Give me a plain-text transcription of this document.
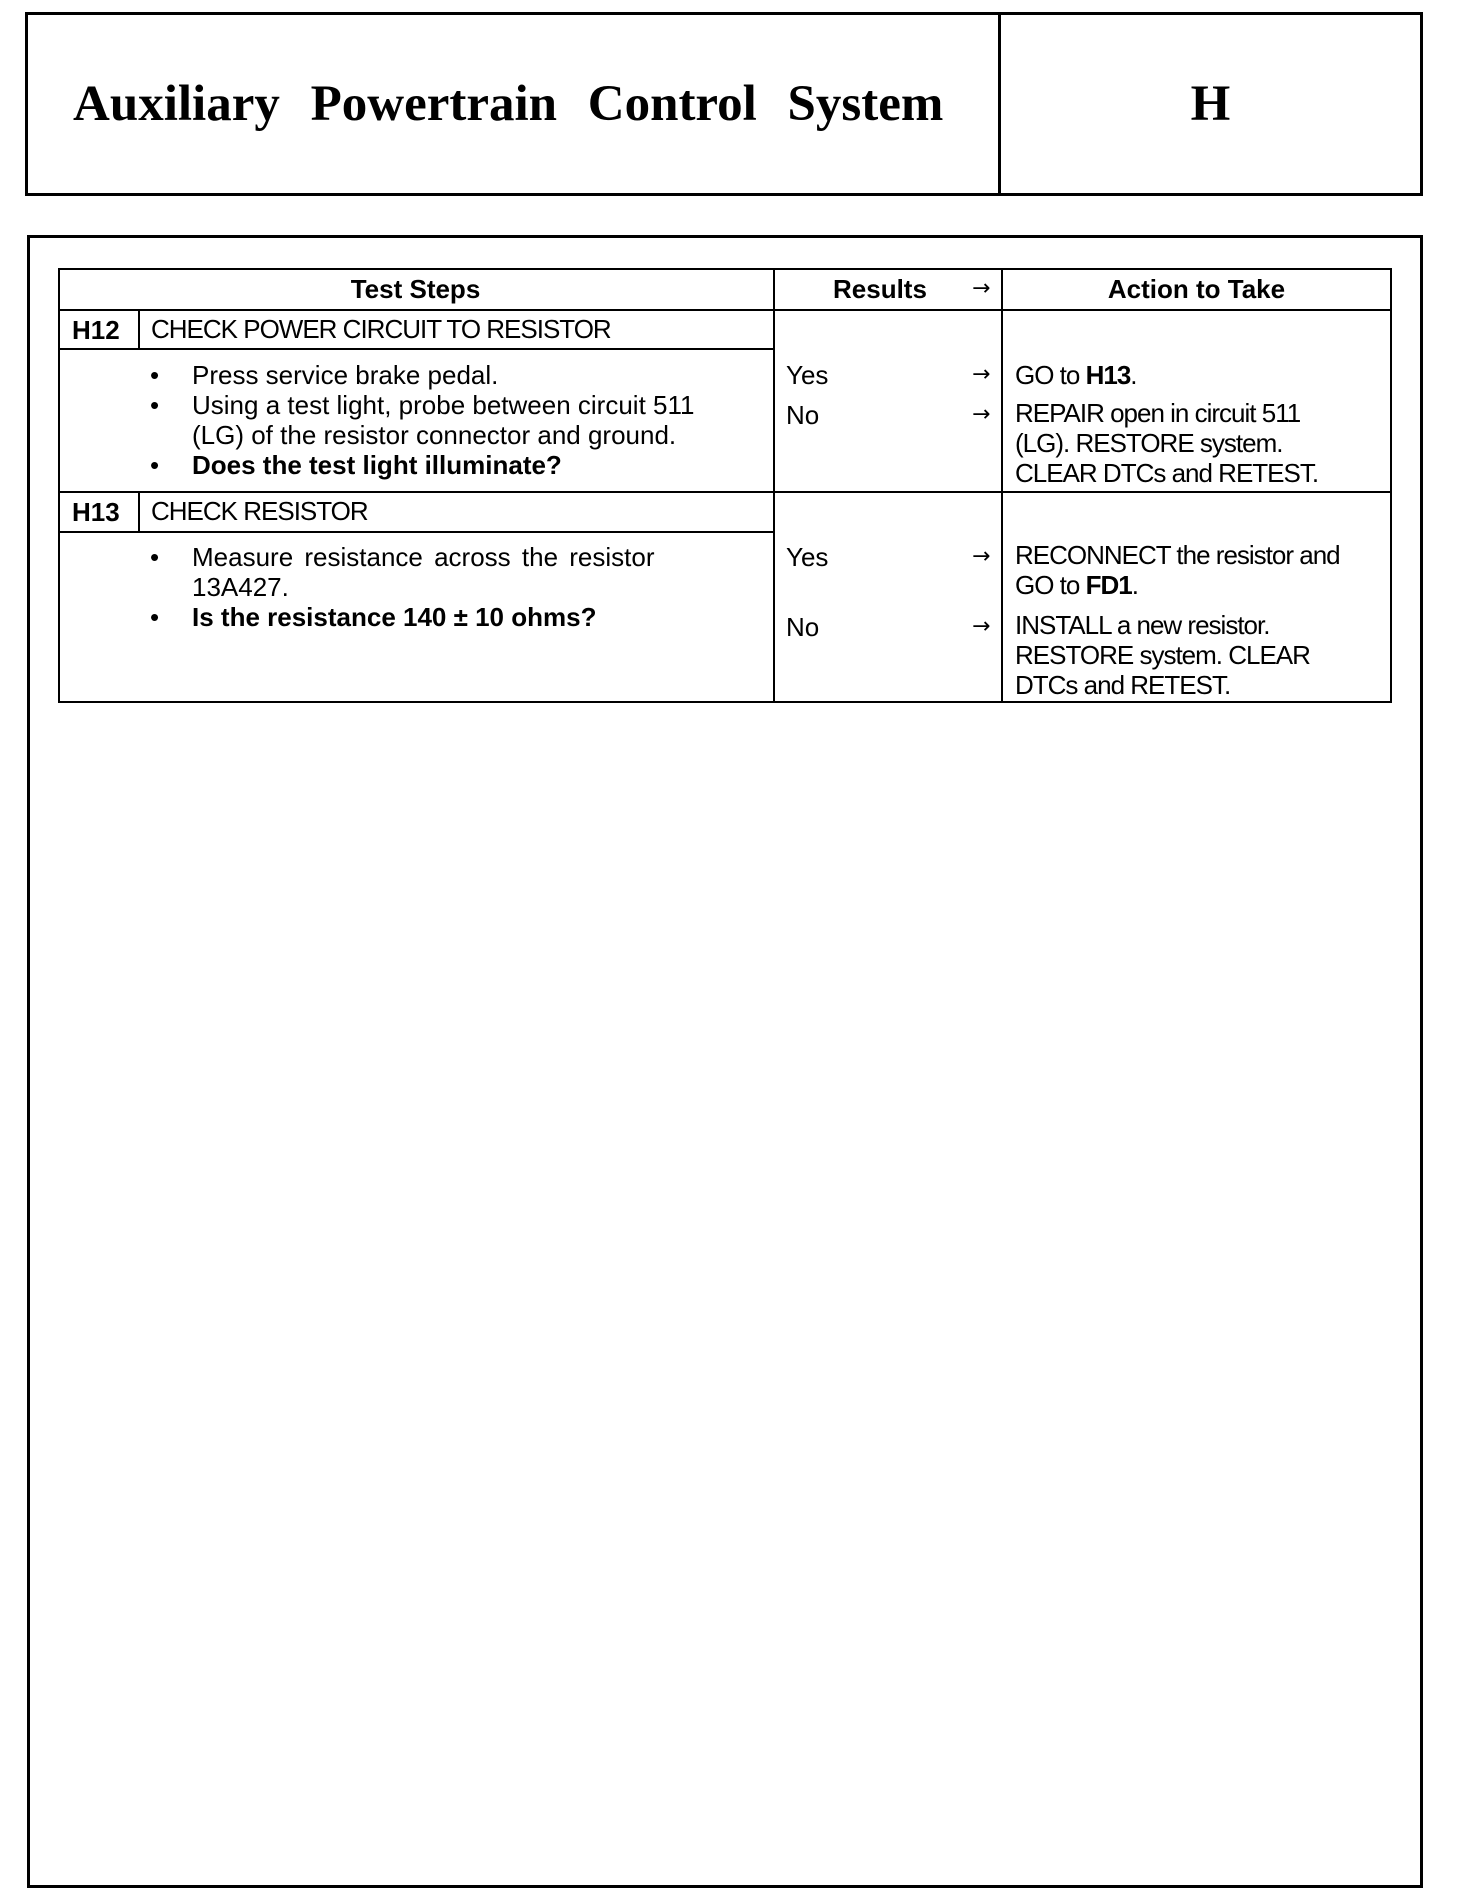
Auxiliary Powertrain Control System	H
Test Steps	Results →	Action to Take
H12 CHECK POWER CIRCUIT TO RESISTOR
• Press service brake pedal.
• Using a test light, probe between circuit 511
(LG) of the resistor connector and ground.
• Does the test light illuminate?
Yes	→ GO to H13.
No	→ REPAIR open in circuit 511
(LG). RESTORE system.
CLEAR DTCs and RETEST.
H13 CHECK RESISTOR
• Measure resistance across the resistor
13A427.
• Is the resistance 140 ± 10 ohms?
Yes	→ RECONNECT the resistor and
GO to FD1.
No	→ INSTALL a new resistor.
RESTORE system. CLEAR
DTCs and RETEST.
